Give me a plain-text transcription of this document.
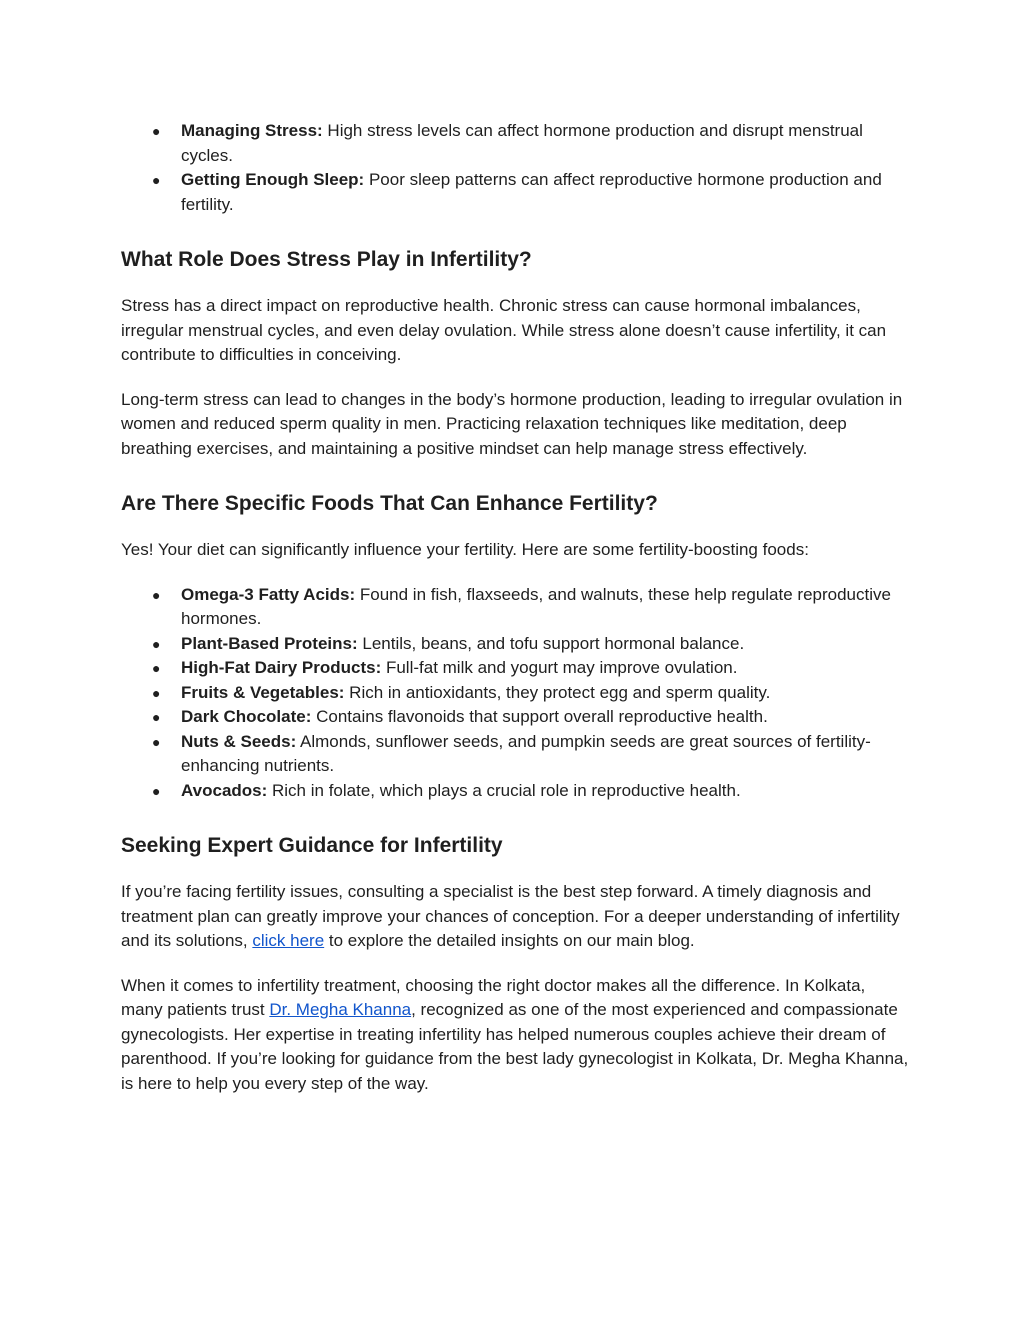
● Managing Stress: High stress levels can affect hormone production and disrupt menstrual cycles.
● Getting Enough Sleep: Poor sleep patterns can affect reproductive hormone production and fertility.
What Role Does Stress Play in Infertility?

Stress has a direct impact on reproductive health. Chronic stress can cause hormonal imbalances, irregular menstrual cycles, and even delay ovulation. While stress alone doesn’t cause infertility, it can contribute to difficulties in conceiving.

Long-term stress can lead to changes in the body’s hormone production, leading to irregular ovulation in women and reduced sperm quality in men. Practicing relaxation techniques like meditation, deep breathing exercises, and maintaining a positive mindset can help manage stress effectively.

Are There Specific Foods That Can Enhance Fertility?

Yes! Your diet can significantly influence your fertility. Here are some fertility-boosting foods:

● Omega-3 Fatty Acids: Found in fish, flaxseeds, and walnuts, these help regulate reproductive hormones.
● Plant-Based Proteins: Lentils, beans, and tofu support hormonal balance.
● High-Fat Dairy Products: Full-fat milk and yogurt may improve ovulation.
● Fruits & Vegetables: Rich in antioxidants, they protect egg and sperm quality.
● Dark Chocolate: Contains flavonoids that support overall reproductive health.
● Nuts & Seeds: Almonds, sunflower seeds, and pumpkin seeds are great sources of fertility-enhancing nutrients.
● Avocados: Rich in folate, which plays a crucial role in reproductive health.
Seeking Expert Guidance for Infertility

If you’re facing fertility issues, consulting a specialist is the best step forward. A timely diagnosis and treatment plan can greatly improve your chances of conception. For a deeper understanding of infertility and its solutions, click here to explore the detailed insights on our main blog.

When it comes to infertility treatment, choosing the right doctor makes all the difference. In Kolkata, many patients trust Dr. Megha Khanna, recognized as one of the most experienced and compassionate gynecologists. Her expertise in treating infertility has helped numerous couples achieve their dream of parenthood. If you’re looking for guidance from the best lady gynecologist in Kolkata, Dr. Megha Khanna, is here to help you every step of the way.
